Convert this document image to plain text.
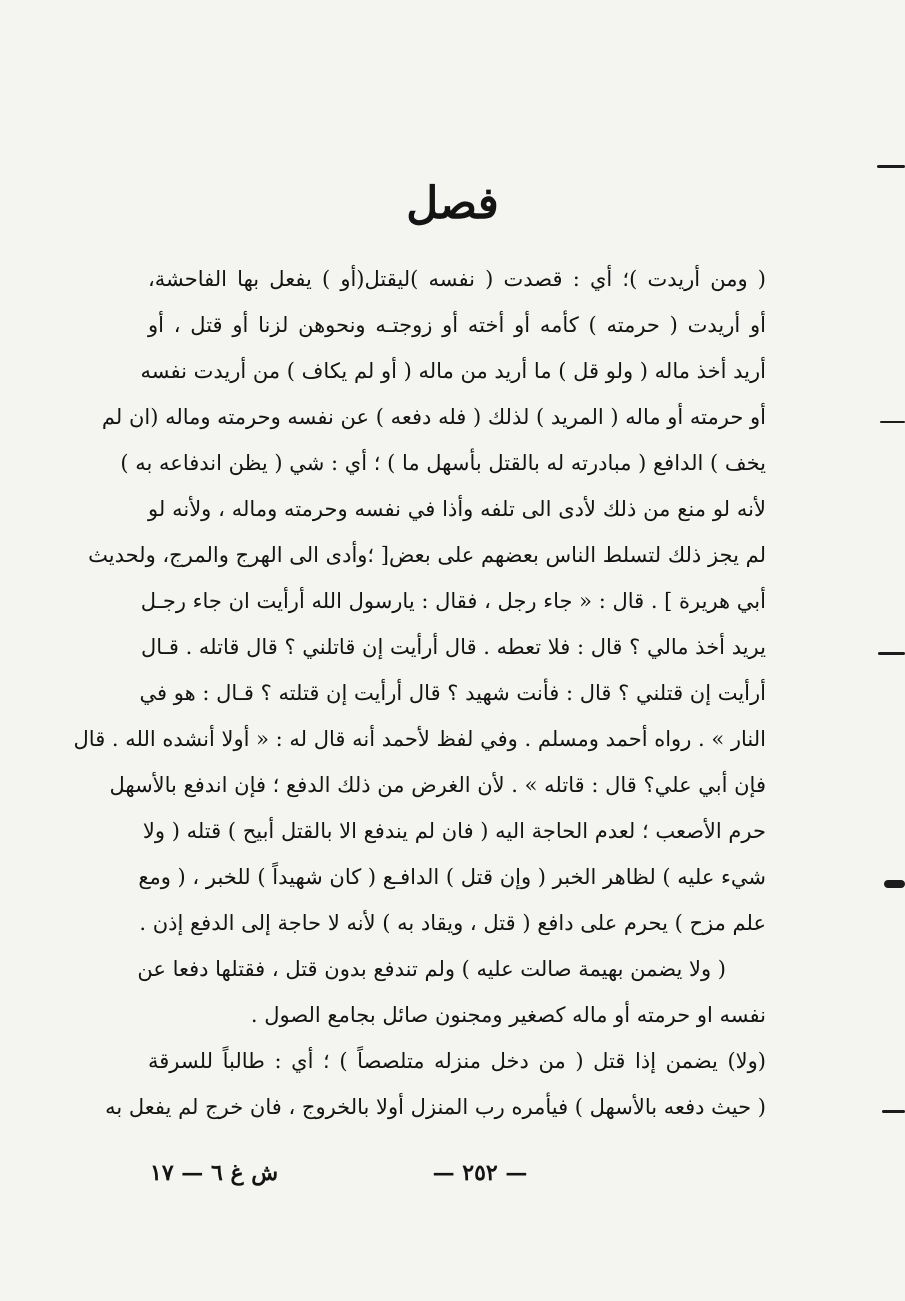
فصل
( ومن أريدت )؛ أي : قصدت ( نفسه )ليقتل(أو ) يفعل بها الفاحشة،
أو أريدت ( حرمته ) كأمه أو أخته أو زوجتـه ونحوهن لزنا أو قتل ، أو
أريد أخذ ماله ( ولو قل ) ما أريد من ماله ( أو لم يكاف ) من أريدت نفسه
أو حرمته أو ماله ( المريد ) لذلك ( فله دفعه ) عن نفسه وحرمته وماله (ان لم
يخف ) الدافع ( مبادرته له بالقتل بأسهل ما ) ؛ أي : شي ( يظن اندفاعه به )
لأنه لو منع من ذلك لأدى الى تلفه وأذا في نفسه وحرمته وماله ، ولأنه لو
لم يجز ذلك لتسلط الناس بعضهم على بعض[ ؛وأدى الى الهرج والمرج، ولحديث
أبي هريرة ] . قال : « جاء رجل ، فقال : يارسول الله أرأيت ان جاء رجـل
يريد أخذ مالي ؟ قال : فلا تعطه . قال أرأيت إن قاتلني ؟ قال قاتله . قـال
أرأيت إن قتلني ؟ قال : فأنت شهيد ؟ قال أرأيت إن قتلته ؟ قـال : هو في
النار » . رواه أحمد ومسلم . وفي لفظ لأحمد أنه قال له : « أولا أنشده الله . قال
فإن أبي علي؟ قال : قاتله » . لأن الغرض من ذلك الدفع ؛ فإن اندفع بالأسهل
حرم الأصعب ؛ لعدم الحاجة اليه ( فان لم يندفع الا بالقتل أبيح ) قتله ( ولا
شيء عليه ) لظاهر الخبر ( وإن قتل ) الدافـع ( كان شهيداً ) للخبر ، ( ومع
علم مزح ) يحرم على دافع ( قتل ، ويقاد به ) لأنه لا حاجة إلى الدفع إذن .
( ولا يضمن بهيمة صالت عليه ) ولم تندفع بدون قتل ، فقتلها دفعا عن
نفسه او حرمته أو ماله كصغير ومجنون صائل بجامع الصول .
(ولا) يضمن إذا قتل ( من دخل منزله متلصصاً ) ؛ أي : طالباً للسرقة
( حيث دفعه بالأسهل ) فيأمره رب المنزل أولا بالخروج ، فان خرج لم يفعل به
— ٢٥٢ —
ش غ ٦ — ١٧
